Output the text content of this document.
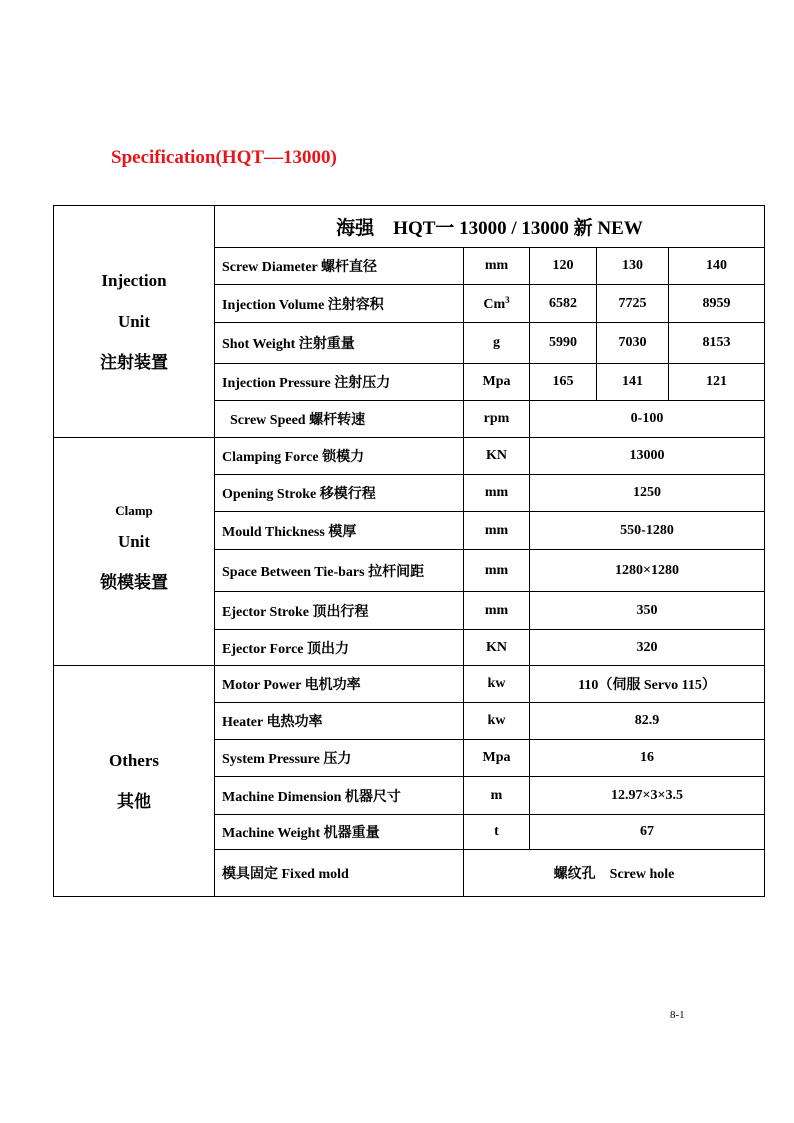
Specification(HQT—13000)
Injection
Unit
注射装置	海强　HQT一 13000 / 13000 新 NEW				
	Screw Diameter 螺杆直径	mm	120	130	140
	Injection Volume 注射容积	Cm$^3$	6582	7725	8959
	Shot Weight 注射重量	g	5990	7030	8153
	Injection Pressure 注射压力	Mpa	165	141	121
	Screw Speed 螺杆转速	rpm	0-100		

Clamp
Unit
锁模装置	Clamping Force 锁模力	KN	13000		
	Opening Stroke 移模行程	mm	1250		
	Mould Thickness 模厚	mm	550-1280		
	Space Between Tie-bars 拉杆间距	mm	1280×1280		
	Ejector Stroke 顶出行程	mm	350		
	Ejector Force 顶出力	KN	320		

Others
其他	Motor Power 电机功率	kw	110（伺服 Servo 115）		
	Heater 电热功率	kw	82.9		
	System Pressure 压力	Mpa	16		
	Machine Dimension 机器尺寸	m	12.97×3×3.5		
	Machine Weight 机器重量	t	67		
	模具固定 Fixed mold	螺纹孔　Screw hole			
8-1
